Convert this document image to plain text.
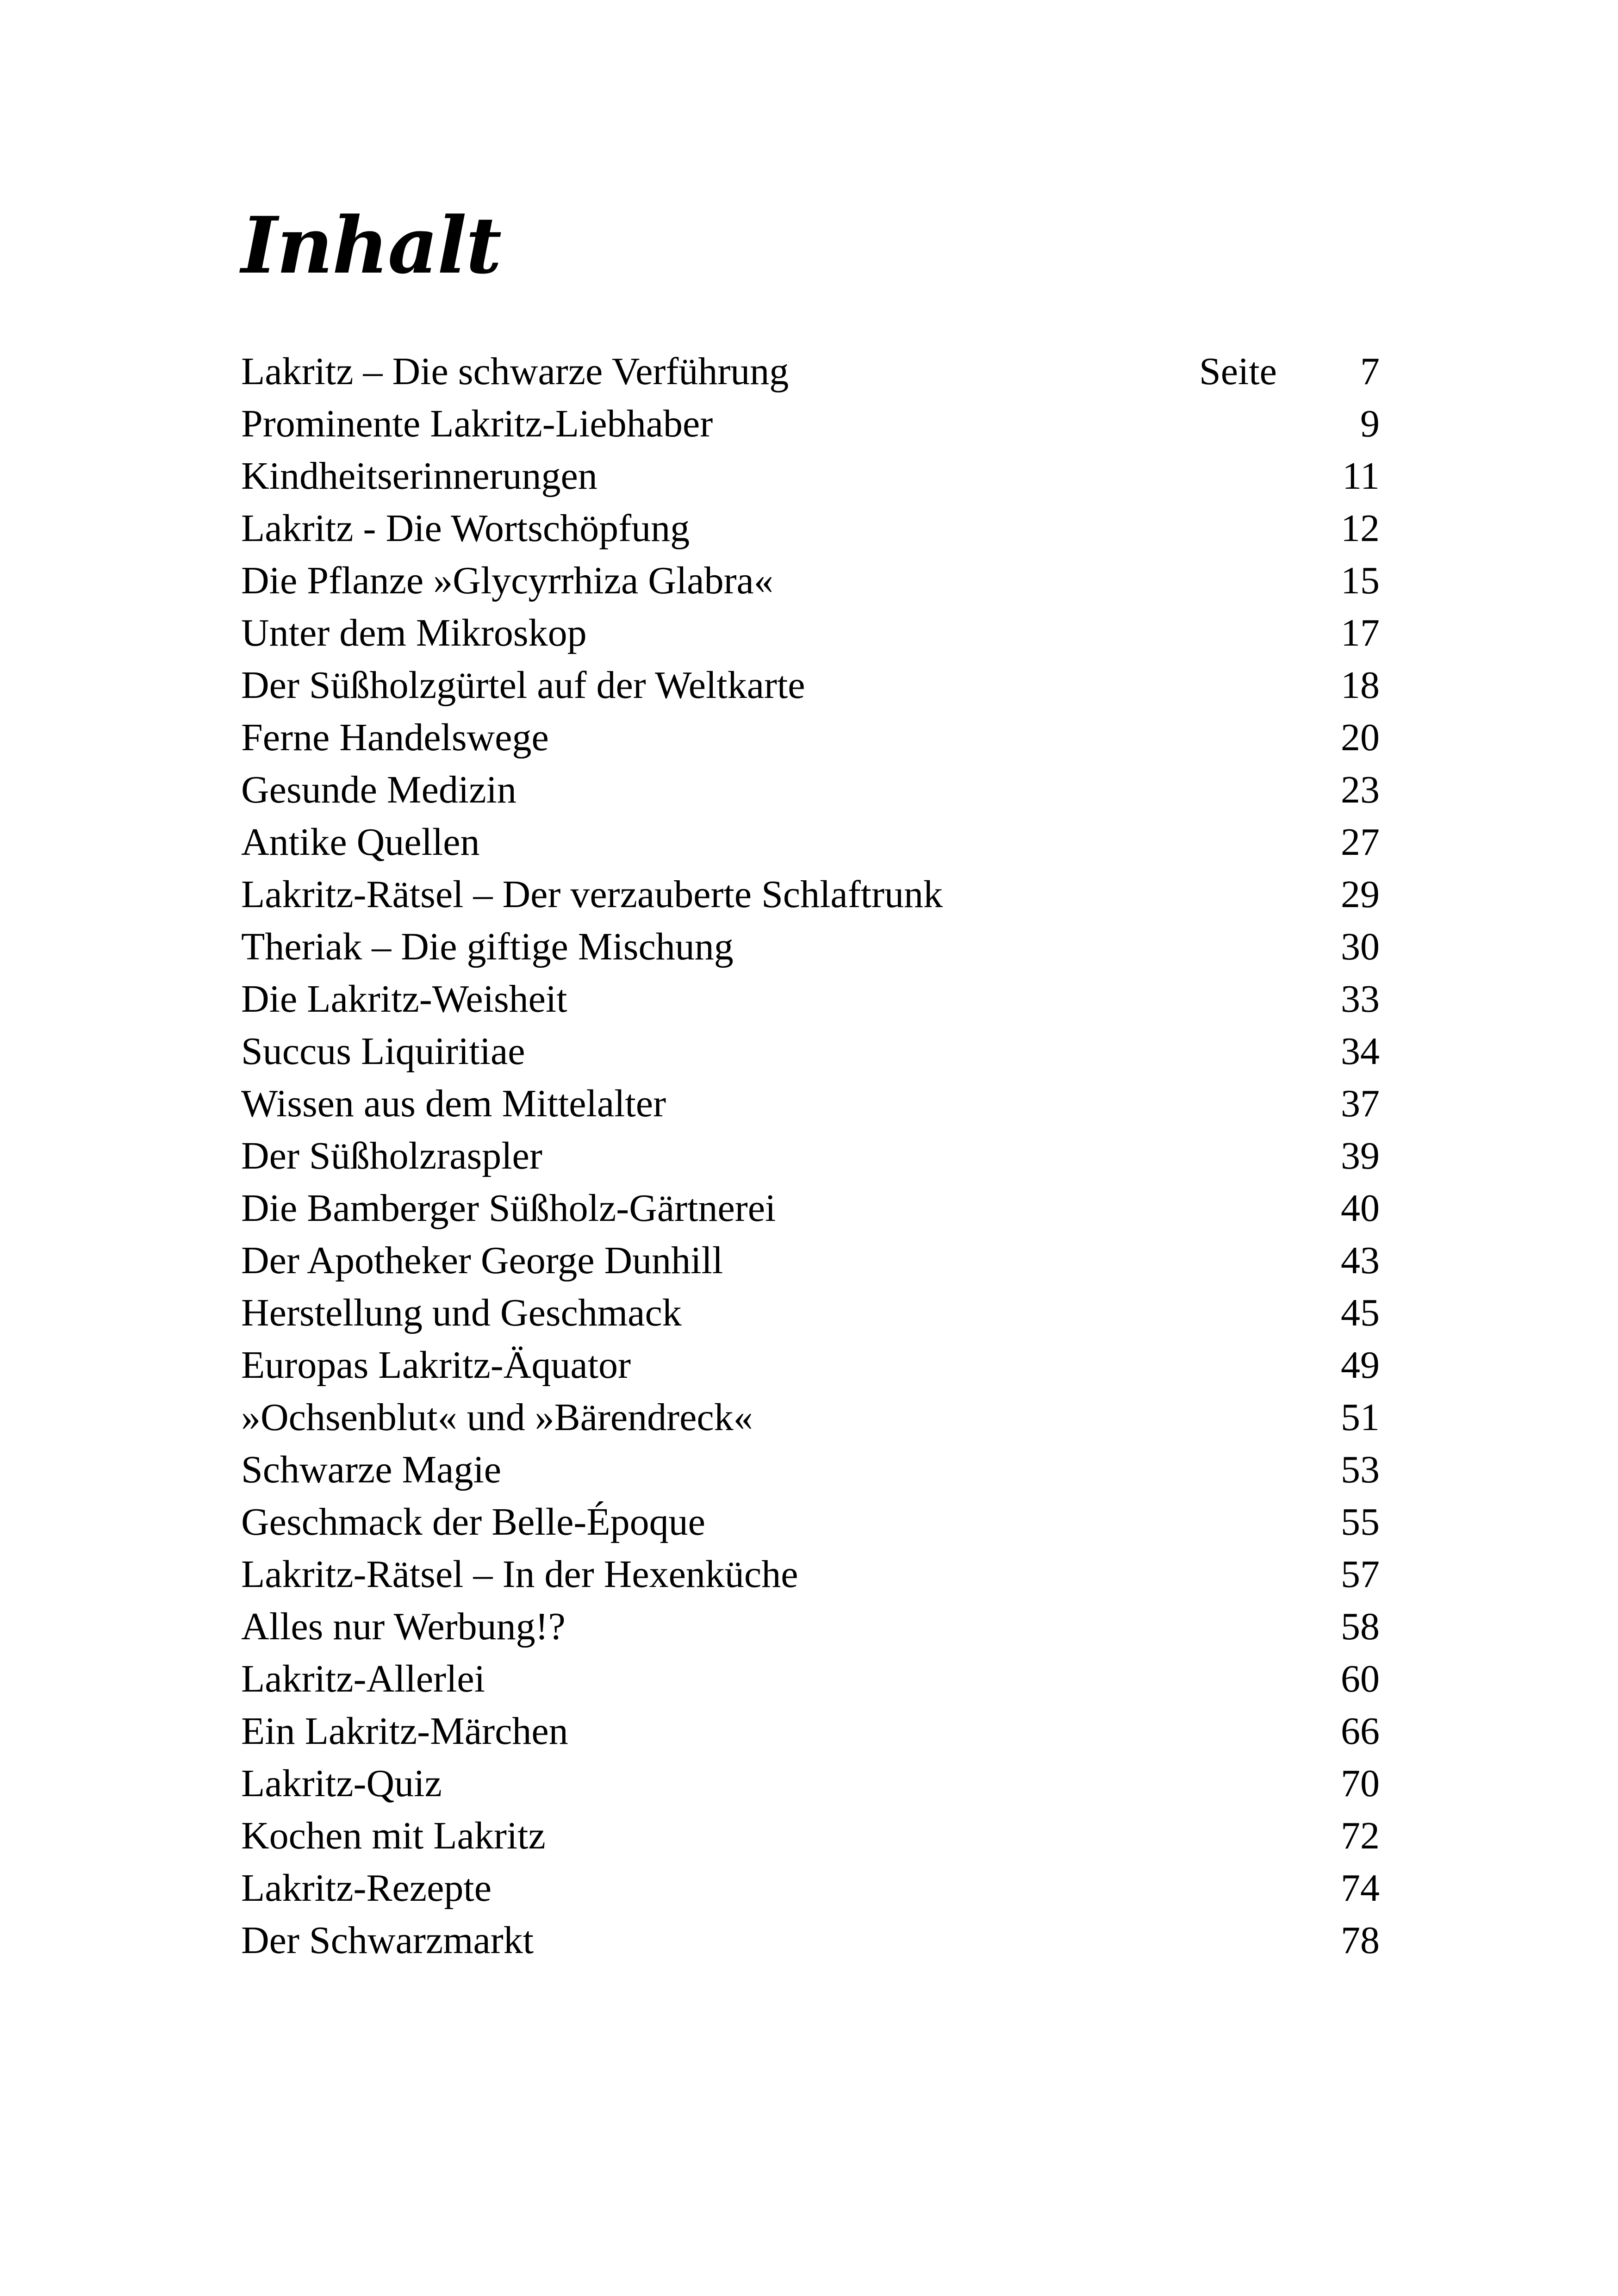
Inhalt
Lakritz – Die schwarze Verführung	Seite	7
Prominente Lakritz-Liebhaber	9
Kindheitserinnerungen	11
Lakritz - Die Wortschöpfung	12
Die Pflanze »Glycyrrhiza Glabra«	15
Unter dem Mikroskop	17
Der Süßholzgürtel auf der Weltkarte	18
Ferne Handelswege	20
Gesunde Medizin	23
Antike Quellen	27
Lakritz-Rätsel – Der verzauberte Schlaftrunk	29
Theriak – Die giftige Mischung	30
Die Lakritz-Weisheit	33
Succus Liquiritiae	34
Wissen aus dem Mittelalter	37
Der Süßholzraspler	39
Die Bamberger Süßholz-Gärtnerei	40
Der Apotheker George Dunhill	43
Herstellung und Geschmack	45
Europas Lakritz-Äquator	49
»Ochsenblut« und »Bärendreck«	51
Schwarze Magie	53
Geschmack der Belle-Époque	55
Lakritz-Rätsel – In der Hexenküche	57
Alles nur Werbung!?	58
Lakritz-Allerlei	60
Ein Lakritz-Märchen	66
Lakritz-Quiz	70
Kochen mit Lakritz	72
Lakritz-Rezepte	74
Der Schwarzmarkt	78
